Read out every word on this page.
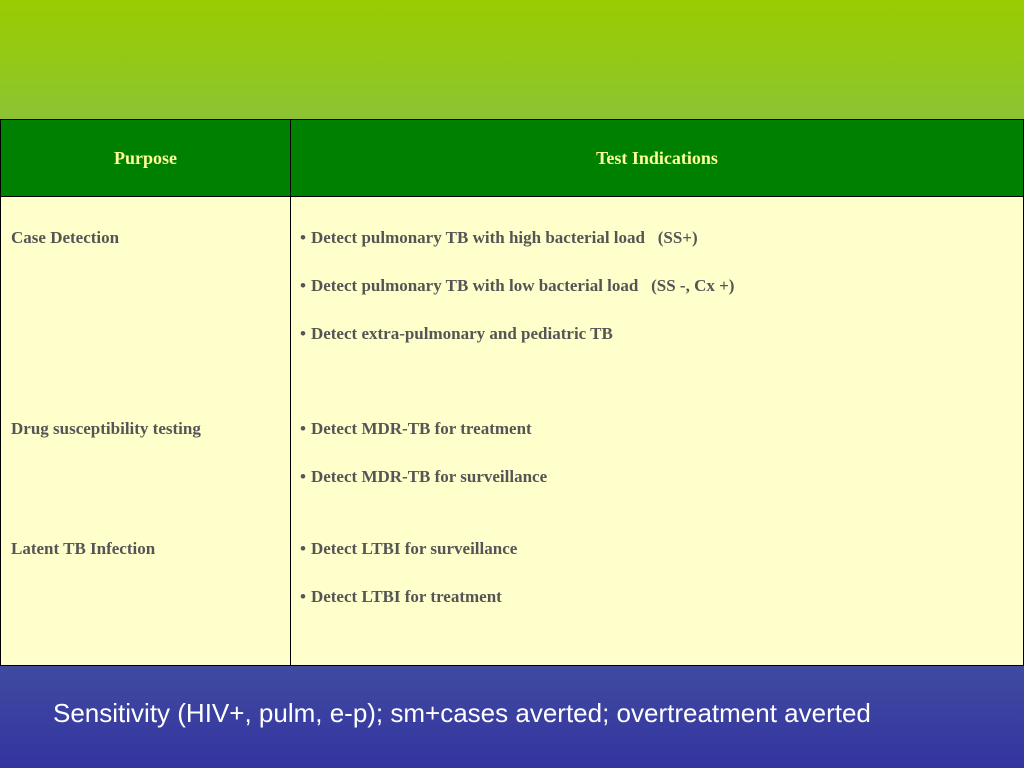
Purpose	Test Indications
Case Detection	• Detect pulmonary TB with high bacterial load   (SS+)
• Detect pulmonary TB with low bacterial load   (SS -, Cx +)
• Detect extra-pulmonary and pediatric TB
Drug susceptibility testing	• Detect MDR-TB for treatment
• Detect MDR-TB for surveillance
Latent TB Infection	• Detect LTBI for surveillance
• Detect LTBI for treatment
Sensitivity (HIV+, pulm, e-p); sm+cases averted; overtreatment averted
